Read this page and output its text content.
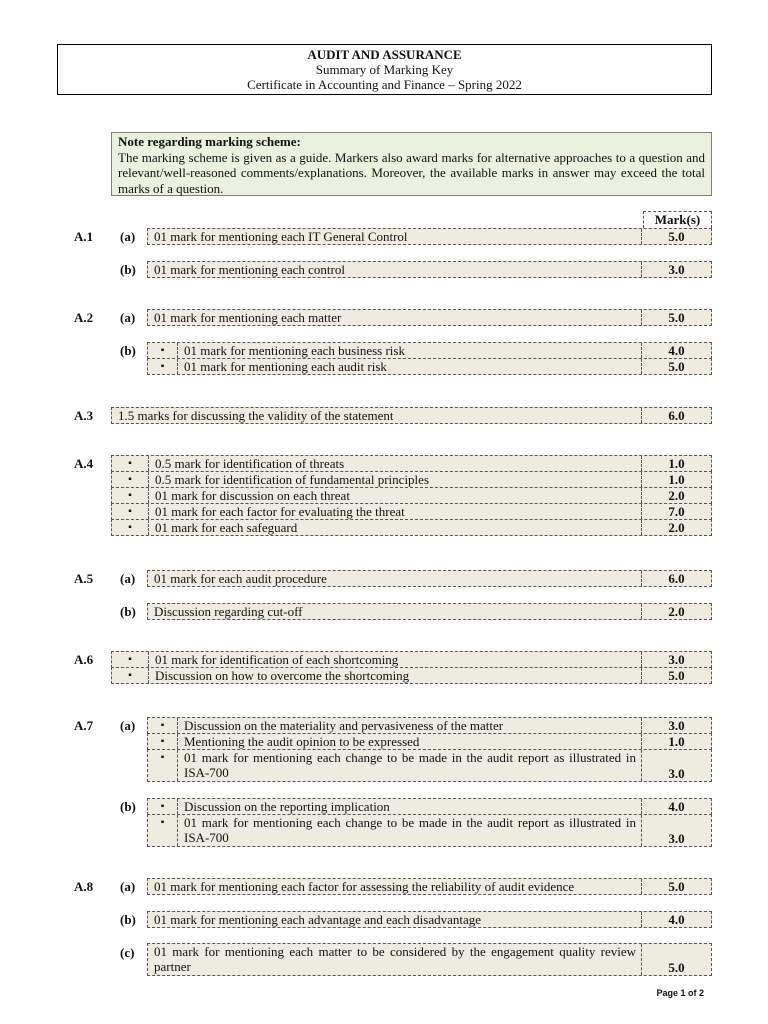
AUDIT AND ASSURANCE
Summary of Marking Key
Certificate in Accounting and Finance – Spring 2022
Note regarding marking scheme:
The marking scheme is given as a guide. Markers also award marks for alternative approaches to a question and relevant/well-reasoned comments/explanations. Moreover, the available marks in answer may exceed the total marks of a question.
Mark(s)
A.1 (a)	01 mark for mentioning each IT General Control	5.0
(b)	01 mark for mentioning each control	3.0
A.2 (a)	01 mark for mentioning each matter	5.0
(b)	▪	01 mark for mentioning each business risk	4.0
▪	01 mark for mentioning each audit risk	5.0
A.3	1.5 marks for discussing the validity of the statement	6.0
A.4	▪	0.5 mark for identification of threats	1.0
▪	0.5 mark for identification of fundamental principles	1.0
▪	01 mark for discussion on each threat	2.0
▪	01 mark for each factor for evaluating the threat	7.0
▪	01 mark for each safeguard	2.0
A.5 (a)	01 mark for each audit procedure	6.0
(b)	Discussion regarding cut-off	2.0
A.6	▪	01 mark for identification of each shortcoming	3.0
▪	Discussion on how to overcome the shortcoming	5.0
A.7 (a)	▪	Discussion on the materiality and pervasiveness of the matter	3.0
▪	Mentioning the audit opinion to be expressed	1.0
▪	01 mark for mentioning each change to be made in the audit report as illustrated in ISA-700	3.0
(b)	▪	Discussion on the reporting implication	4.0
▪	01 mark for mentioning each change to be made in the audit report as illustrated in ISA-700	3.0
A.8 (a)	01 mark for mentioning each factor for assessing the reliability of audit evidence	5.0
(b)	01 mark for mentioning each advantage and each disadvantage	4.0
(c)	01 mark for mentioning each matter to be considered by the engagement quality review partner	5.0
Page 1 of 2
